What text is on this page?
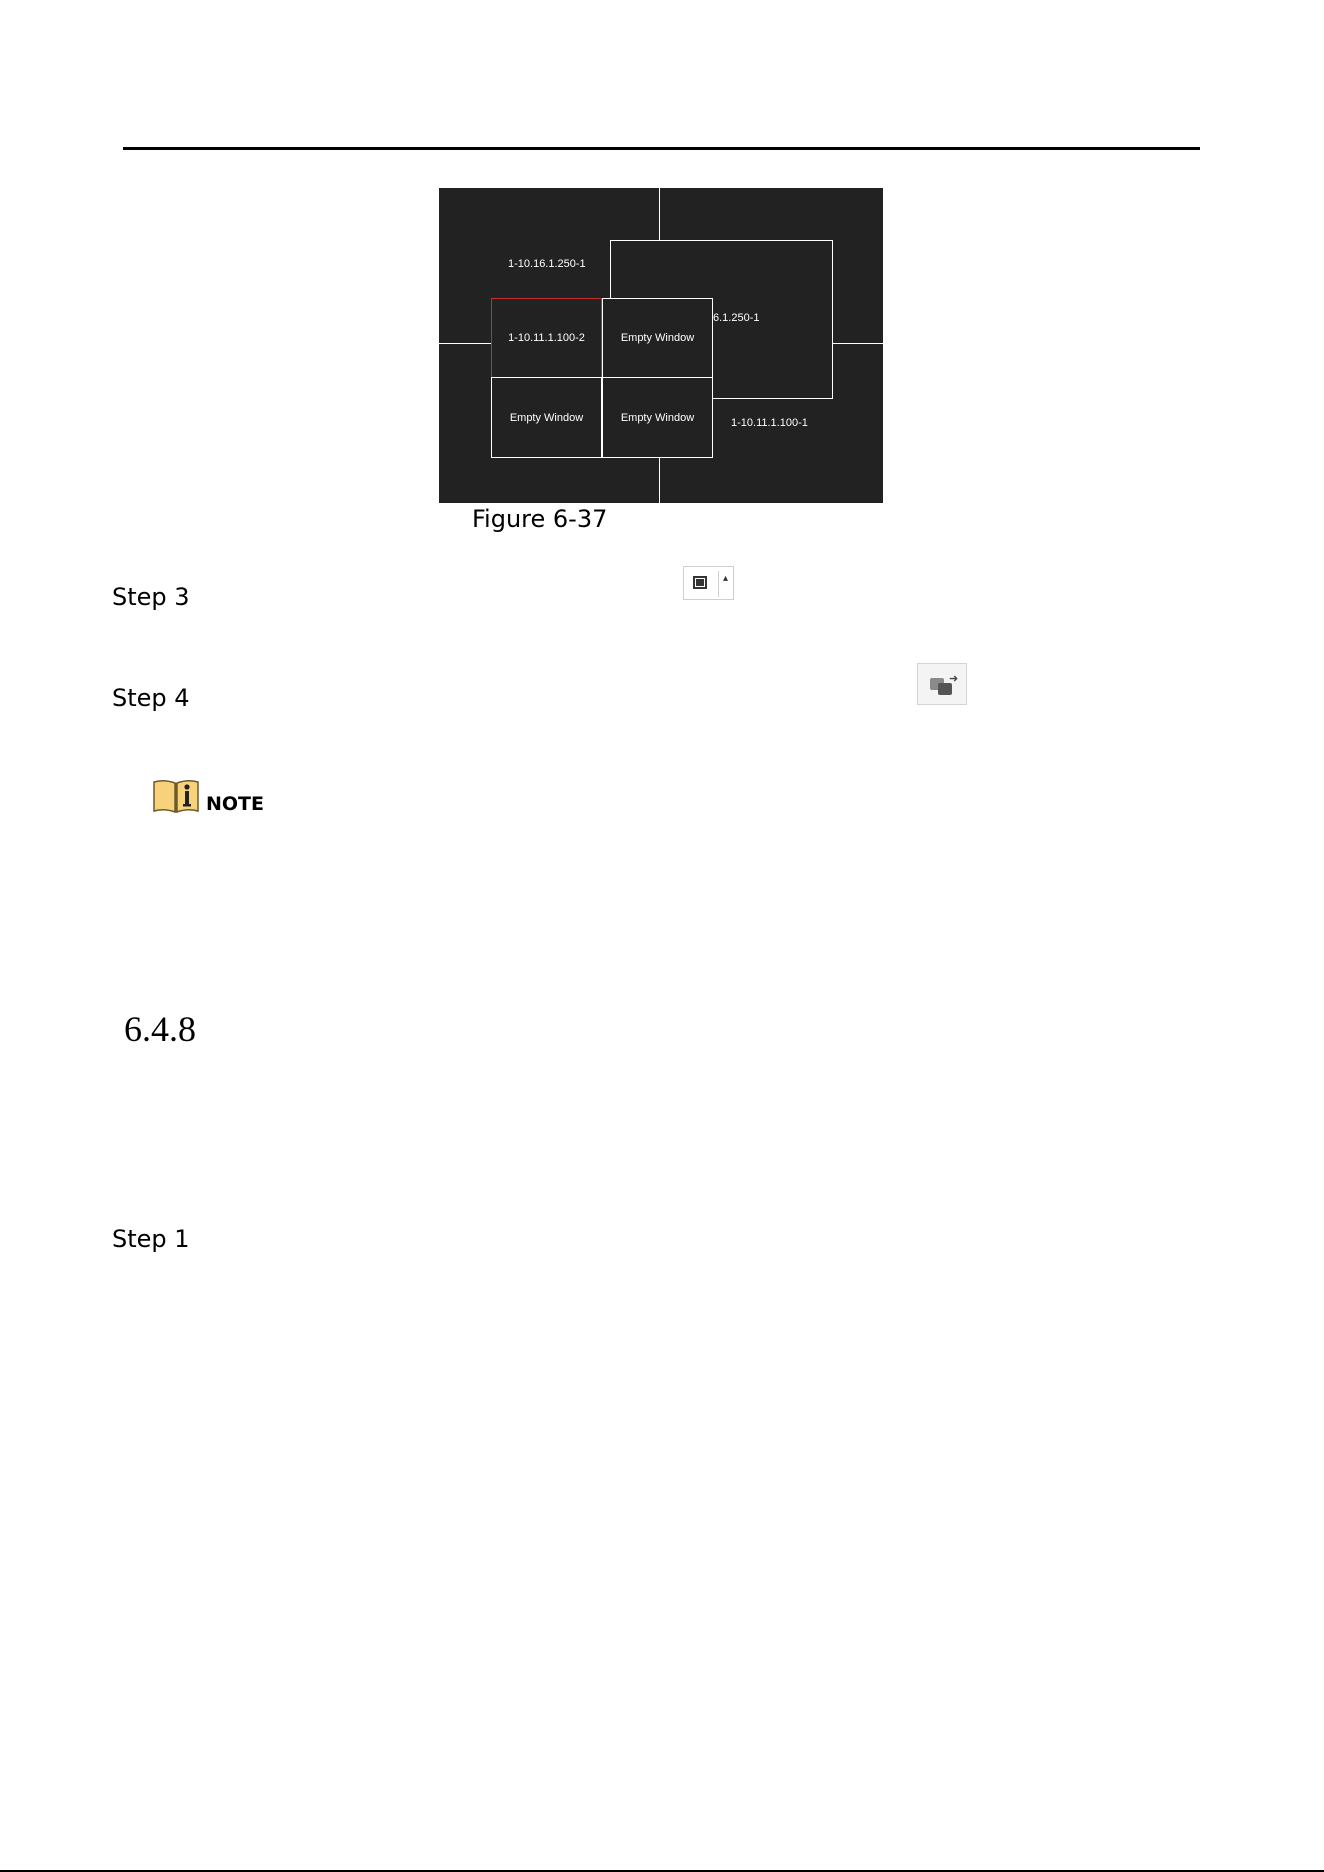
1-10.16.1.250-1
1-10.11.1.100-1
6.1.250-1
1-10.11.1.100-2	Empty Window
Empty Window	Empty Window
Figure 6-37
Step 3
▴
Step 4
➜
NOTE
6.4.8
Step 1
